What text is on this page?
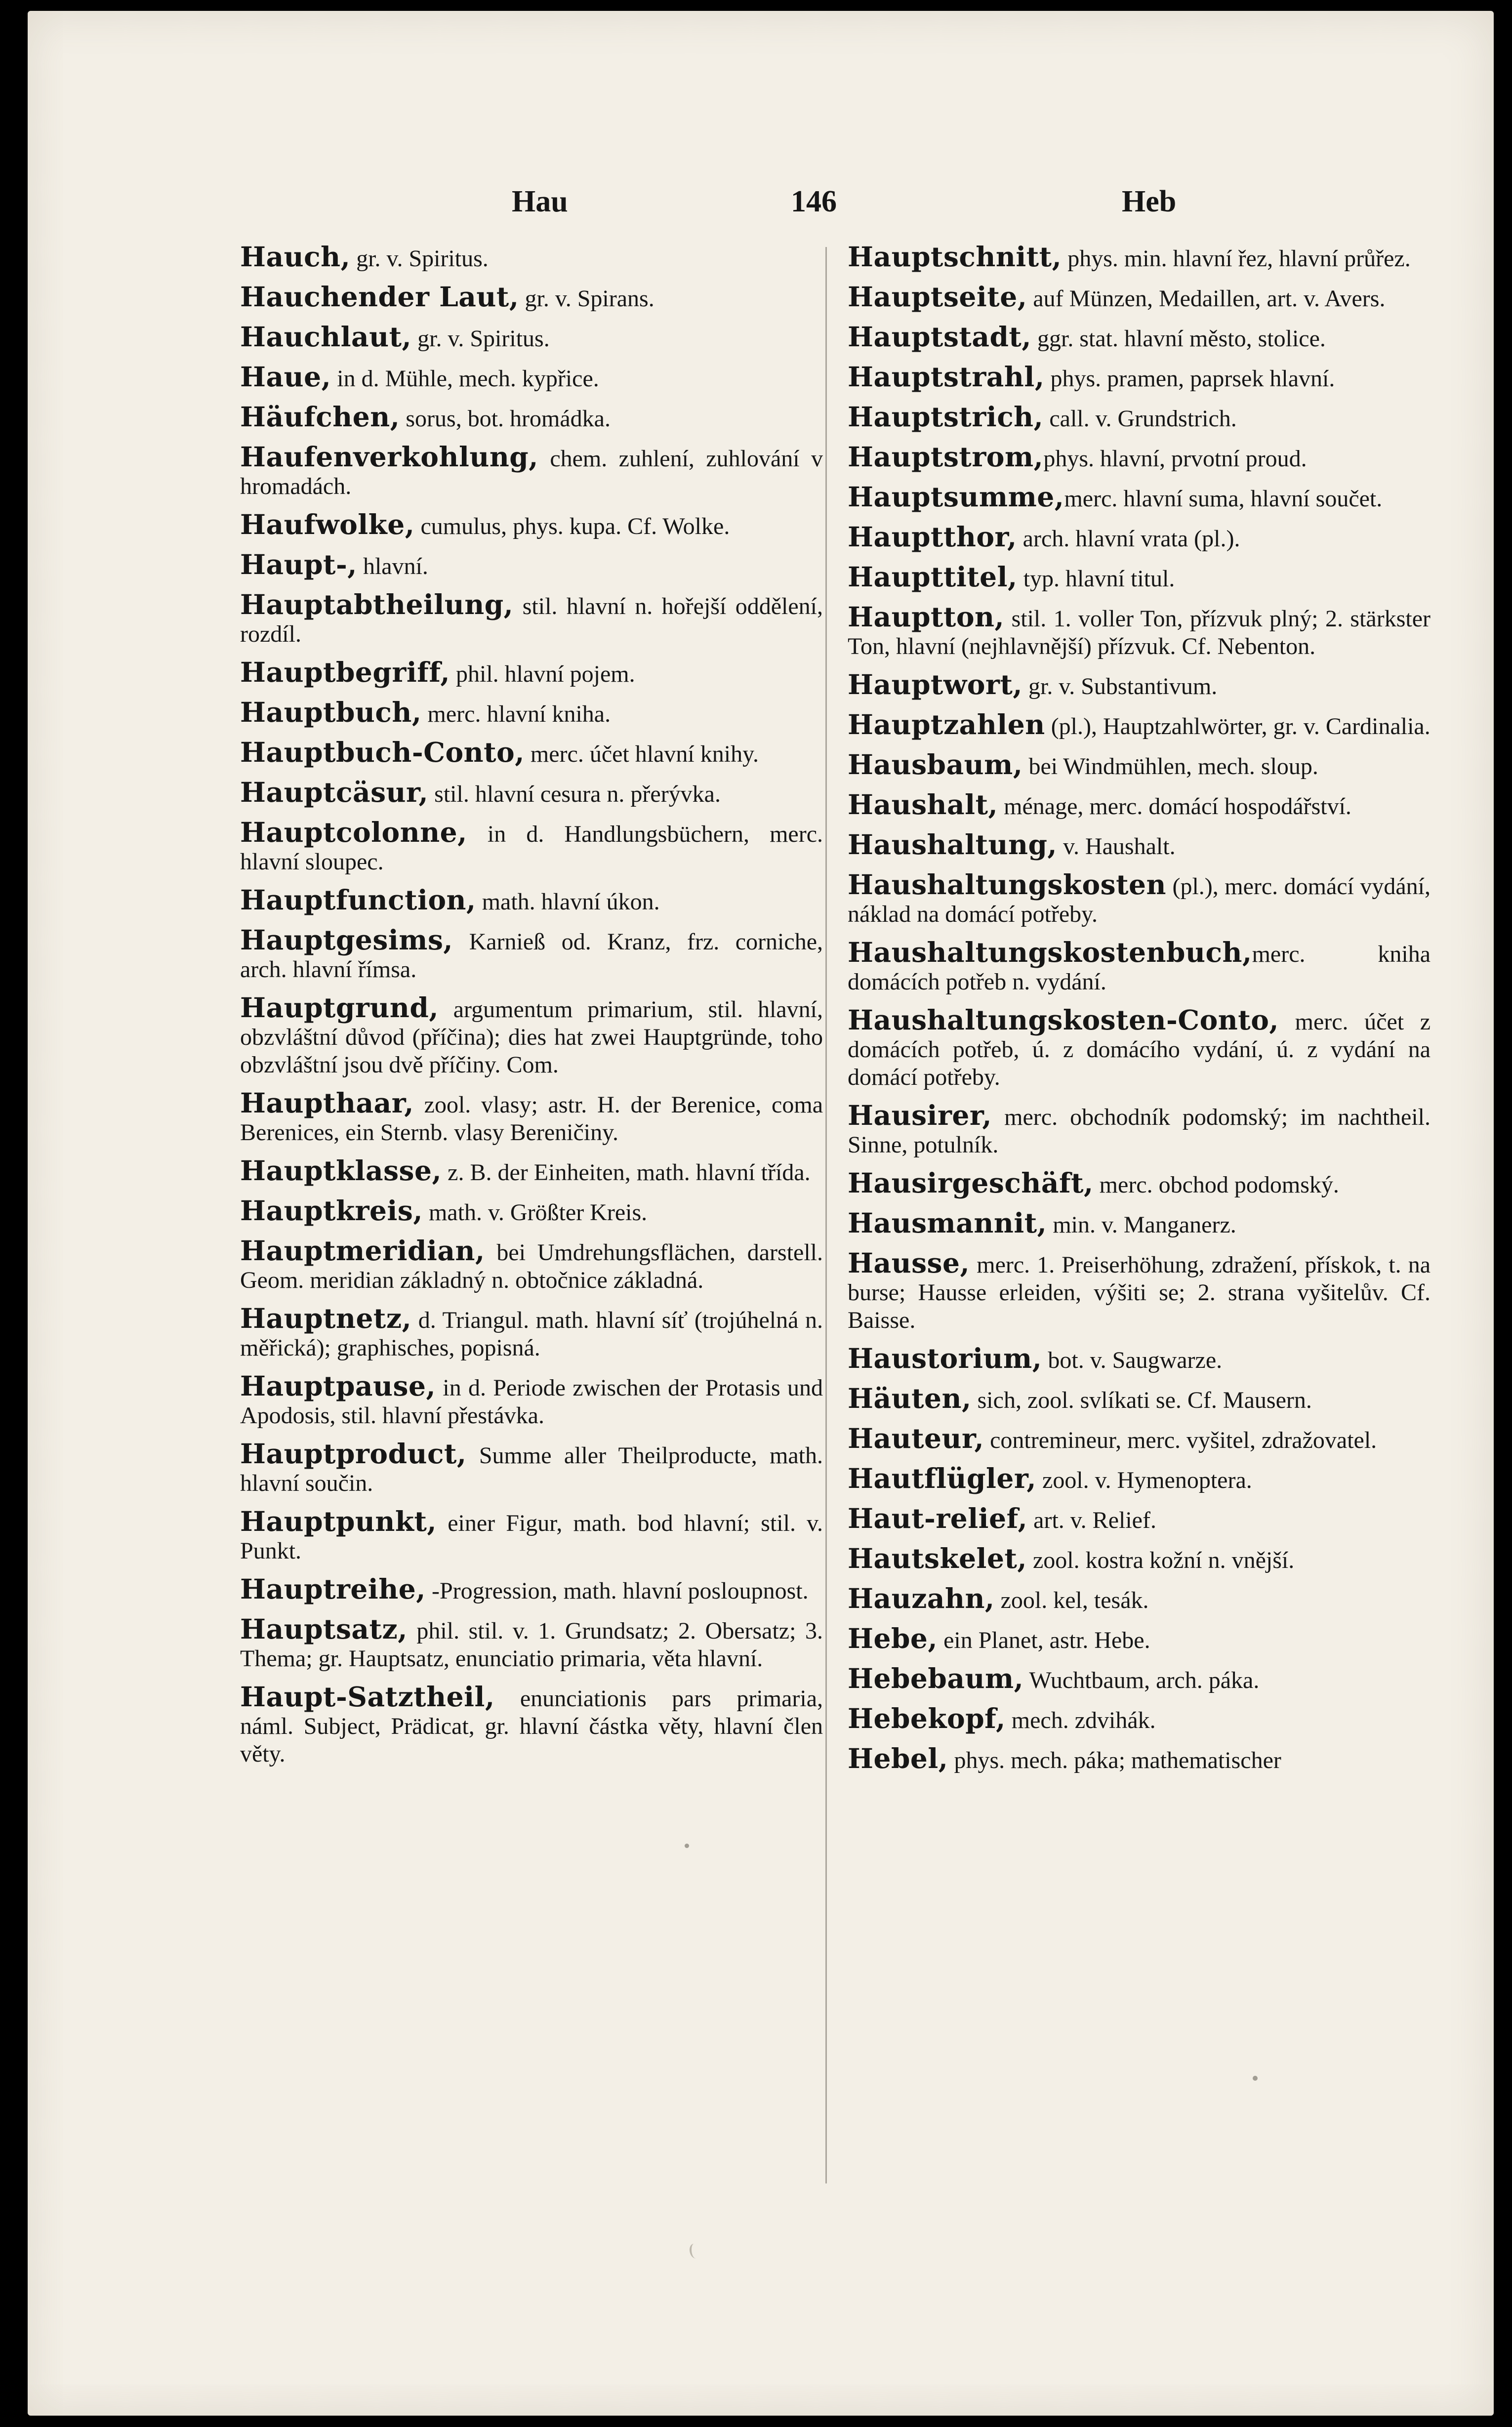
Hau	146	Heb
Hauch, gr. v. Spiritus.
Hauchender Laut, gr. v. Spirans.
Hauchlaut, gr. v. Spiritus.
Haue, in d. Mühle, mech. kypřice.
Häufchen, sorus, bot. hromádka.
Haufenverkohlung, chem. zuhlení, zuhlování v hromadách.
Haufwolke, cumulus, phys. kupa. Cf. Wolke.
Haupt-, hlavní.
Hauptabtheilung, stil. hlavní n. hořejší oddělení, rozdíl.
Hauptbegriff, phil. hlavní pojem.
Hauptbuch, merc. hlavní kniha.
Hauptbuch-Conto, merc. účet hlavní knihy.
Hauptcäsur, stil. hlavní cesura n. přerývka.
Hauptcolonne, in d. Handlungsbüchern, merc. hlavní sloupec.
Hauptfunction, math. hlavní úkon.
Hauptgesims, Karnieß od. Kranz, frz. corniche, arch. hlavní římsa.
Hauptgrund, argumentum primarium, stil. hlavní, obzvláštní důvod (příčina); dies hat zwei Hauptgründe, toho obzvláštní jsou dvě příčiny. Com.
Haupthaar, zool. vlasy; astr. H. der Berenice, coma Berenices, ein Sternb. vlasy Bereničiny.
Hauptklasse, z. B. der Einheiten, math. hlavní třída.
Hauptkreis, math. v. Größter Kreis.
Hauptmeridian, bei Umdrehungsflächen, darstell. Geom. meridian základný n. obtočnice základná.
Hauptnetz, d. Triangul. math. hlavní síť (trojúhelná n. měřická); graphisches, popisná.
Hauptpause, in d. Periode zwischen der Protasis und Apodosis, stil. hlavní přestávka.
Hauptproduct, Summe aller Theilproducte, math. hlavní součin.
Hauptpunkt, einer Figur, math. bod hlavní; stil. v. Punkt.
Hauptreihe, -Progression, math. hlavní posloupnost.
Hauptsatz, phil. stil. v. 1. Grundsatz; 2. Obersatz; 3. Thema; gr. Hauptsatz, enunciatio primaria, věta hlavní.
Haupt-Satztheil, enunciationis pars primaria, náml. Subject, Prädicat, gr. hlavní částka věty, hlavní člen věty.
Hauptschnitt, phys. min. hlavní řez, hlavní průřez.
Hauptseite, auf Münzen, Medaillen, art. v. Avers.
Hauptstadt, ggr. stat. hlavní město, stolice.
Hauptstrahl, phys. pramen, paprsek hlavní.
Hauptstrich, call. v. Grundstrich.
Hauptstrom,phys. hlavní, prvotní proud.
Hauptsumme,merc. hlavní suma, hlavní součet.
Hauptthor, arch. hlavní vrata (pl.).
Haupttitel, typ. hlavní titul.
Hauptton, stil. 1. voller Ton, přízvuk plný; 2. stärkster Ton, hlavní (nejhlavnější) přízvuk. Cf. Nebenton.
Hauptwort, gr. v. Substantivum.
Hauptzahlen (pl.), Hauptzahlwörter, gr. v. Cardinalia.
Hausbaum, bei Windmühlen, mech. sloup.
Haushalt, ménage, merc. domácí hospodářství.
Haushaltung, v. Haushalt.
Haushaltungskosten (pl.), merc. domácí vydání, náklad na domácí potřeby.
Haushaltungskostenbuch,merc. kniha domácích potřeb n. vydání.
Haushaltungskosten-Conto, merc. účet z domácích potřeb, ú. z domácího vydání, ú. z vydání na domácí potřeby.
Hausirer, merc. obchodník podomský; im nachtheil. Sinne, potulník.
Hausirgeschäft, merc. obchod podomský.
Hausmannit, min. v. Manganerz.
Hausse, merc. 1. Preiserhöhung, zdražení, přískok, t. na burse; Hausse erleiden, výšiti se; 2. strana vyšitelův. Cf. Baisse.
Haustorium, bot. v. Saugwarze.
Häuten, sich, zool. svlíkati se. Cf. Mausern.
Hauteur, contremineur, merc. vyšitel, zdražovatel.
Hautflügler, zool. v. Hymenoptera.
Haut-relief, art. v. Relief.
Hautskelet, zool. kostra kožní n. vnější.
Hauzahn, zool. kel, tesák.
Hebe, ein Planet, astr. Hebe.
Hebebaum, Wuchtbaum, arch. páka.
Hebekopf, mech. zdvihák.
Hebel, phys. mech. páka; mathematischer
